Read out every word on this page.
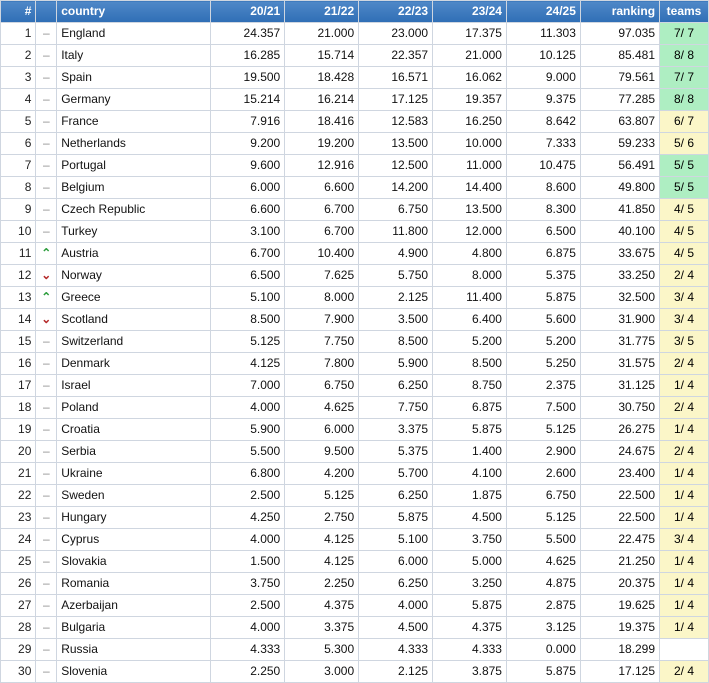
#		country	20/21	21/22	22/23	23/24	24/25	ranking	teams
1	–	England	24.357	21.000	23.000	17.375	11.303	97.035	7/ 7
2	–	Italy	16.285	15.714	22.357	21.000	10.125	85.481	8/ 8
3	–	Spain	19.500	18.428	16.571	16.062	9.000	79.561	7/ 7
4	–	Germany	15.214	16.214	17.125	19.357	9.375	77.285	8/ 8
5	–	France	7.916	18.416	12.583	16.250	8.642	63.807	6/ 7
6	–	Netherlands	9.200	19.200	13.500	10.000	7.333	59.233	5/ 6
7	–	Portugal	9.600	12.916	12.500	11.000	10.475	56.491	5/ 5
8	–	Belgium	6.000	6.600	14.200	14.400	8.600	49.800	5/ 5
9	–	Czech Republic	6.600	6.700	6.750	13.500	8.300	41.850	4/ 5
10	–	Turkey	3.100	6.700	11.800	12.000	6.500	40.100	4/ 5
11	⌃	Austria	6.700	10.400	4.900	4.800	6.875	33.675	4/ 5
12	⌄	Norway	6.500	7.625	5.750	8.000	5.375	33.250	2/ 4
13	⌃	Greece	5.100	8.000	2.125	11.400	5.875	32.500	3/ 4
14	⌄	Scotland	8.500	7.900	3.500	6.400	5.600	31.900	3/ 4
15	–	Switzerland	5.125	7.750	8.500	5.200	5.200	31.775	3/ 5
16	–	Denmark	4.125	7.800	5.900	8.500	5.250	31.575	2/ 4
17	–	Israel	7.000	6.750	6.250	8.750	2.375	31.125	1/ 4
18	–	Poland	4.000	4.625	7.750	6.875	7.500	30.750	2/ 4
19	–	Croatia	5.900	6.000	3.375	5.875	5.125	26.275	1/ 4
20	–	Serbia	5.500	9.500	5.375	1.400	2.900	24.675	2/ 4
21	–	Ukraine	6.800	4.200	5.700	4.100	2.600	23.400	1/ 4
22	–	Sweden	2.500	5.125	6.250	1.875	6.750	22.500	1/ 4
23	–	Hungary	4.250	2.750	5.875	4.500	5.125	22.500	1/ 4
24	–	Cyprus	4.000	4.125	5.100	3.750	5.500	22.475	3/ 4
25	–	Slovakia	1.500	4.125	6.000	5.000	4.625	21.250	1/ 4
26	–	Romania	3.750	2.250	6.250	3.250	4.875	20.375	1/ 4
27	–	Azerbaijan	2.500	4.375	4.000	5.875	2.875	19.625	1/ 4
28	–	Bulgaria	4.000	3.375	4.500	4.375	3.125	19.375	1/ 4
29	–	Russia	4.333	5.300	4.333	4.333	0.000	18.299	
30	–	Slovenia	2.250	3.000	2.125	3.875	5.875	17.125	2/ 4
